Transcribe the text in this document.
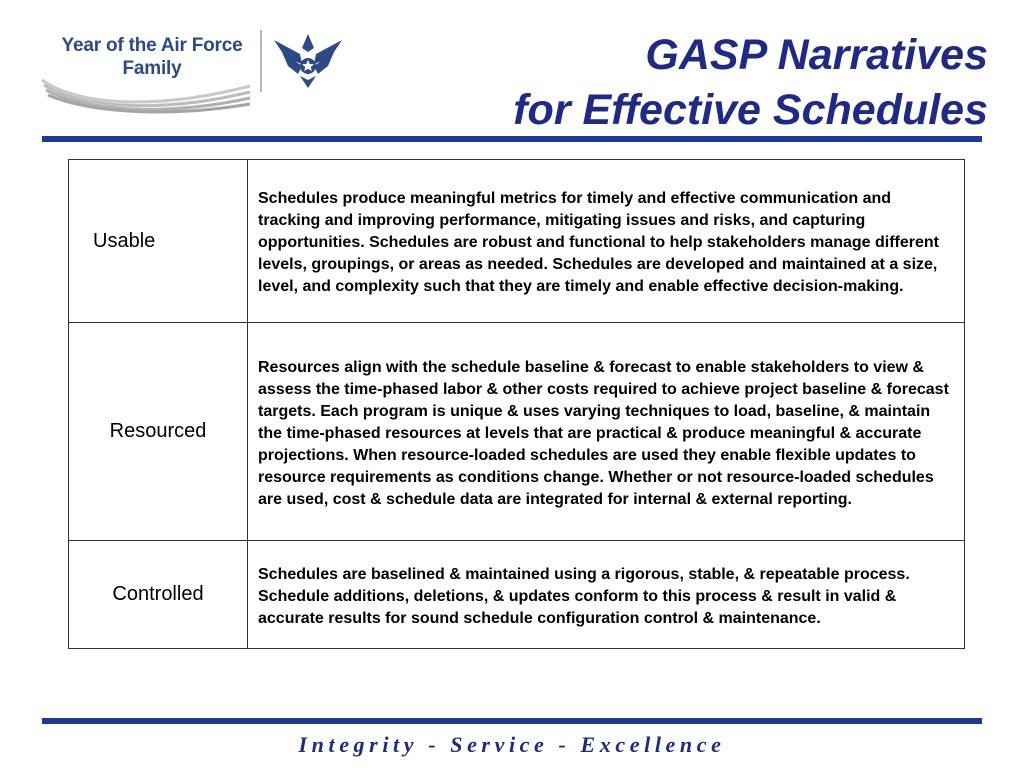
Year of the Air Force
Family	GASP Narratives
for Effective Schedules
Usable	Schedules produce meaningful metrics for timely and effective communication and tracking and improving performance, mitigating issues and risks, and capturing opportunities. Schedules are robust and functional to help stakeholders manage different levels, groupings, or areas as needed. Schedules are developed and maintained at a size, level, and complexity such that they are timely and enable effective decision-making.
Resourced	Resources align with the schedule baseline & forecast to enable stakeholders to view & assess the time-phased labor & other costs required to achieve project baseline & forecast targets. Each program is unique & uses varying techniques to load, baseline, & maintain the time-phased resources at levels that are practical & produce meaningful & accurate projections. When resource-loaded schedules are used they enable flexible updates to resource requirements as conditions change. Whether or not resource-loaded schedules are used, cost & schedule data are integrated for internal & external reporting.
Controlled	Schedules are baselined & maintained using a rigorous, stable, & repeatable process. Schedule additions, deletions, & updates conform to this process & result in valid & accurate results for sound schedule configuration control & maintenance.
Integrity - Service - Excellence
